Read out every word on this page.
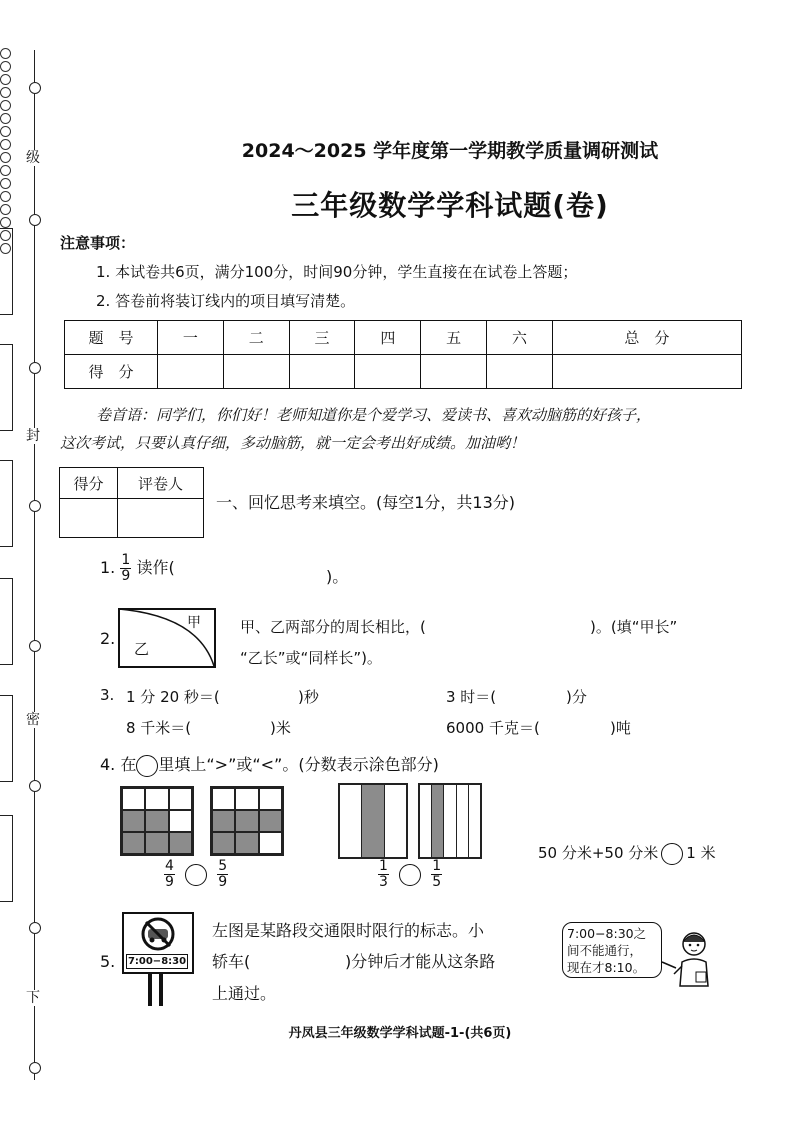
级
封
密
下
2024～2025 学年度第一学期教学质量调研测试
三年级数学学科试题(卷)
注意事项：
1. 本试卷共6页，满分100分，时间90分钟，学生直接在在试卷上答题；
2. 答卷前将装订线内的项目填写清楚。
题　号	一	二	三	四	五	六	总　分
得　分							
卷首语：同学们，你们好！老师知道你是个爱学习、爱读书、喜欢动脑筋的好孩子，
这次考试，只要认真仔细，多动脑筋，就一定会考出好成绩。加油哟！
得分	评卷人

一、回忆思考来填空。(每空1分，共13分)
1. $\frac{1}{9}$ 读作(	)。
2.
甲
乙
甲、乙两部分的周长相比，(	)。(填“甲长”
“乙长”或“同样长”)。
3. 1 分 20 秒＝(	)秒	3 时＝(	)分
8 千米＝(	)米	6000 千克＝(	)吨
4. 在 里填上“>”或“<”。(分数表示涂色部分)
$\frac{4}{9}$
	$\frac{5}{9}$	$\frac{1}{3}$
	$\frac{1}{5}$
50 分米+50 分米 1 米
5. 7:00−8:30
左图是某路段交通限时限行的标志。小
轿车(	)分钟后才能从这条路
上通过。
7:00−8:30之
间不能通行，
现在才8:10。
丹凤县三年级数学学科试题-1-(共6页)
